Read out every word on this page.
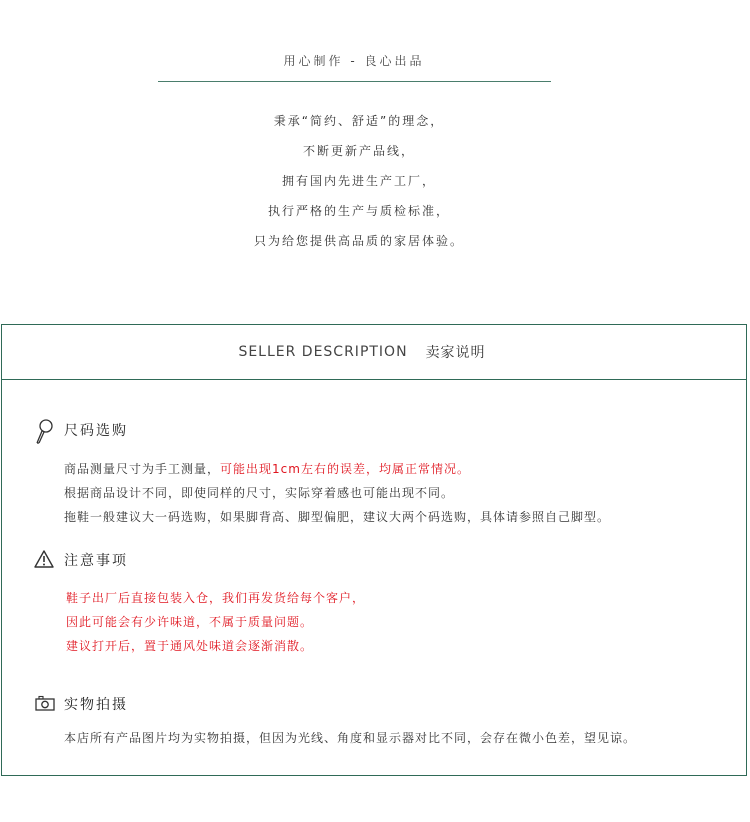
用心制作 - 良心出品
秉承“简约、舒适”的理念，
不断更新产品线，
拥有国内先进生产工厂，
执行严格的生产与质检标准，
只为给您提供高品质的家居体验。
SELLER DESCRIPTION 卖家说明
尺码选购
商品测量尺寸为手工测量，可能出现1cm左右的误差，均属正常情况。
根据商品设计不同，即使同样的尺寸，实际穿着感也可能出现不同。
拖鞋一般建议大一码选购，如果脚背高、脚型偏肥，建议大两个码选购，具体请参照自己脚型。
注意事项
鞋子出厂后直接包装入仓，我们再发货给每个客户，
因此可能会有少许味道，不属于质量问题。
建议打开后，置于通风处味道会逐渐消散。
实物拍摄
本店所有产品图片均为实物拍摄，但因为光线、角度和显示器对比不同，会存在微小色差，望见谅。
